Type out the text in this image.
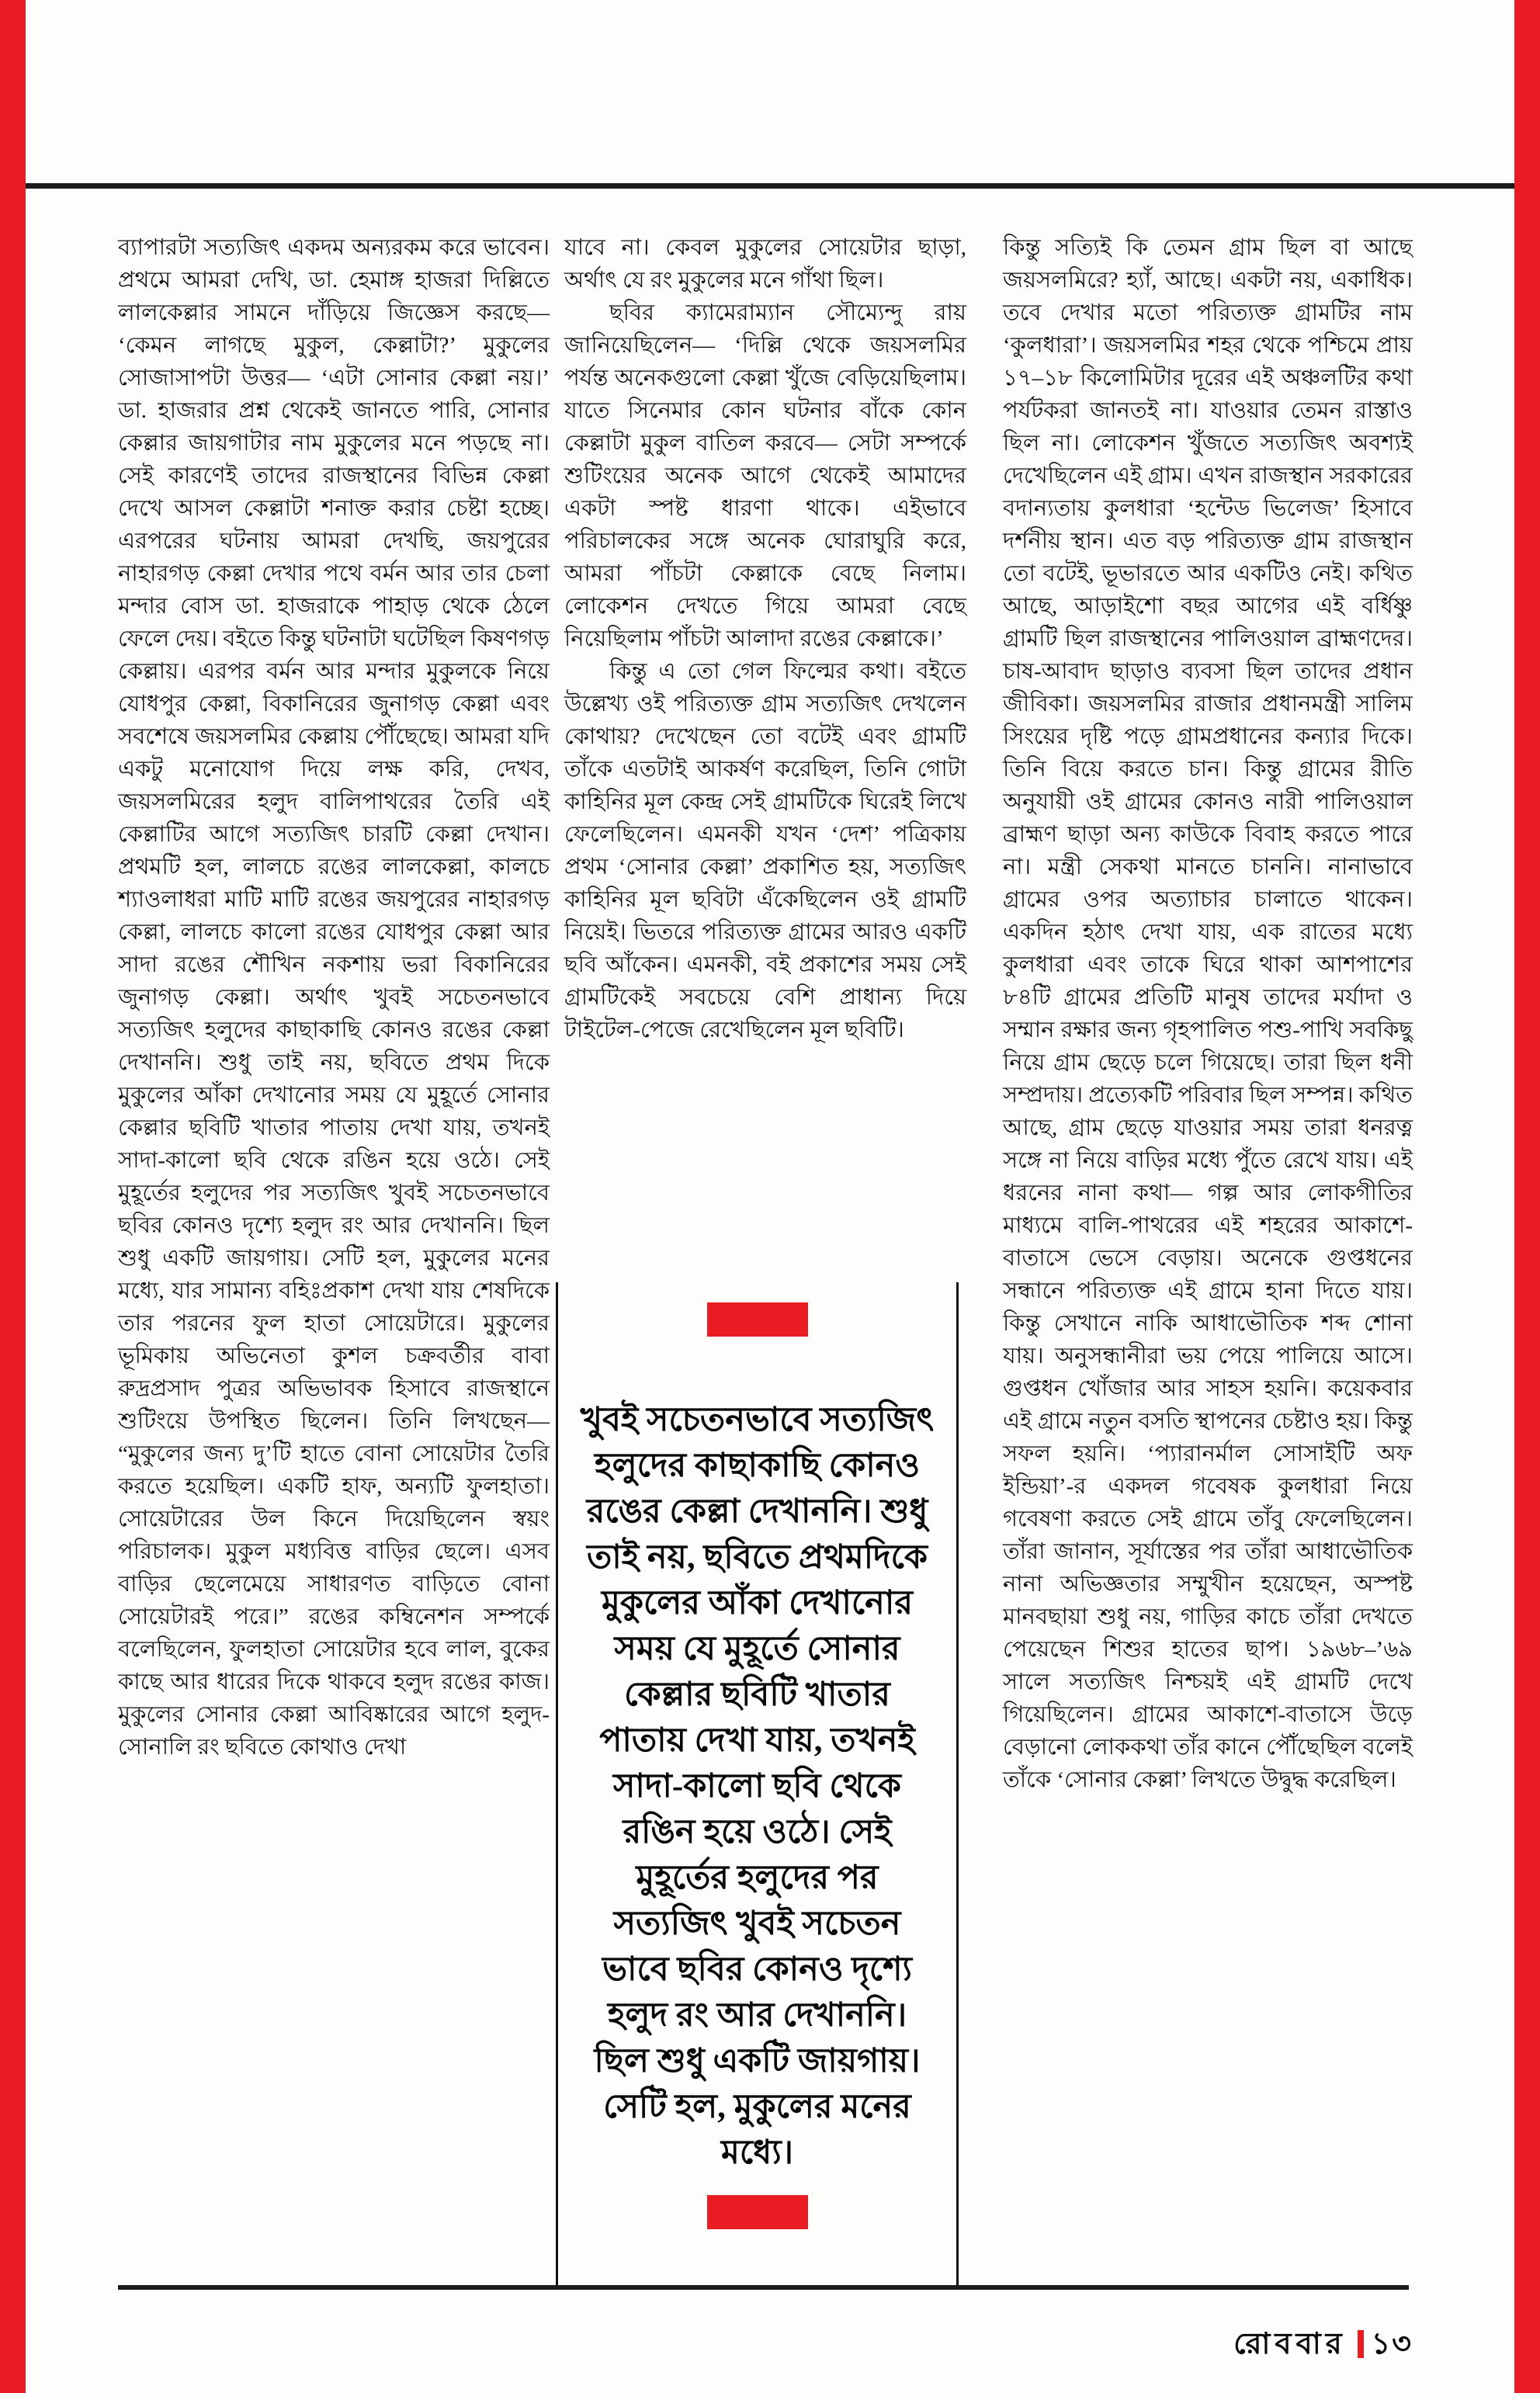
ব্যাপারটা সত্যজিৎ একদম অন্যরকম করে ভাবেন। প্রথমে আমরা দেখি, ডা. হেমাঙ্গ হাজরা দিল্লিতে লালকেল্লার সামনে দাঁড়িয়ে জিজ্ঞেস করছে— ‘কেমন লাগছে মুকুল, কেল্লাটা?’ মুকুলের সোজাসাপটা উত্তর— ‘এটা সোনার কেল্লা নয়।’ ডা. হাজরার প্রশ্ন থেকেই জানতে পারি, সোনার কেল্লার জায়গাটার নাম মুকুলের মনে পড়ছে না। সেই কারণেই তাদের রাজস্থানের বিভিন্ন কেল্লা দেখে আসল কেল্লাটা শনাক্ত করার চেষ্টা হচ্ছে। এরপরের ঘটনায় আমরা দেখছি, জয়পুরের নাহারগড় কেল্লা দেখার পথে বর্মন আর তার চেলা মন্দার বোস ডা. হাজরাকে পাহাড় থেকে ঠেলে ফেলে দেয়। বইতে কিন্তু ঘটনাটা ঘটেছিল কিষণগড় কেল্লায়। এরপর বর্মন আর মন্দার মুকুলকে নিয়ে যোধপুর কেল্লা, বিকানিরের জুনাগড় কেল্লা এবং সবশেষে জয়সলমির কেল্লায় পৌঁছেছে। আমরা যদি একটু মনোযোগ দিয়ে লক্ষ করি, দেখব, জয়সলমিরের হলুদ বালিপাথরের তৈরি এই কেল্লাটির আগে সত্যজিৎ চারটি কেল্লা দেখান। প্রথমটি হল, লালচে রঙের লালকেল্লা, কালচে শ্যাওলাধরা মাটি মাটি রঙের জয়পুরের নাহারগড় কেল্লা, লালচে কালো রঙের যোধপুর কেল্লা আর সাদা রঙের শৌখিন নকশায় ভরা বিকানিরের জুনাগড় কেল্লা। অর্থাৎ খুবই সচেতনভাবে সত্যজিৎ হলুদের কাছাকাছি কোনও রঙের কেল্লা দেখাননি। শুধু তাই নয়, ছবিতে প্রথম দিকে মুকুলের আঁকা দেখানোর সময় যে মুহূর্তে সোনার কেল্লার ছবিটি খাতার পাতায় দেখা যায়, তখনই সাদা-কালো ছবি থেকে রঙিন হয়ে ওঠে। সেই মুহূর্তের হলুদের পর সত্যজিৎ খুবই সচেতনভাবে ছবির কোনও দৃশ্যে হলুদ রং আর দেখাননি। ছিল শুধু একটি জায়গায়। সেটি হল, মুকুলের মনের মধ্যে, যার সামান্য বহিঃপ্রকাশ দেখা যায় শেষদিকে তার পরনের ফুল হাতা সোয়েটারে। মুকুলের ভূমিকায় অভিনেতা কুশল চক্রবর্তীর বাবা রুদ্রপ্রসাদ পুত্রর অভিভাবক হিসাবে রাজস্থানে শুটিংয়ে উপস্থিত ছিলেন। তিনি লিখছেন— “মুকুলের জন্য দু’টি হাতে বোনা সোয়েটার তৈরি করতে হয়েছিল। একটি হাফ, অন্যটি ফুলহাতা। সোয়েটারের উল কিনে দিয়েছিলেন স্বয়ং পরিচালক। মুকুল মধ্যবিত্ত বাড়ির ছেলে। এসব বাড়ির ছেলেমেয়ে সাধারণত বাড়িতে বোনা সোয়েটারই পরে।” রঙের কম্বিনেশন সম্পর্কে বলেছিলেন, ফুলহাতা সোয়েটার হবে লাল, বুকের কাছে আর ধারের দিকে থাকবে হলুদ রঙের কাজ। মুকুলের সোনার কেল্লা আবিষ্কারের আগে হলুদ-সোনালি রং ছবিতে কোথাও দেখা

যাবে না। কেবল মুকুলের সোয়েটার ছাড়া, অর্থাৎ যে রং মুকুলের মনে গাঁথা ছিল।

ছবির ক্যামেরাম্যান সৌম্যেন্দু রায় জানিয়েছিলেন— ‘দিল্লি থেকে জয়সলমির পর্যন্ত অনেকগুলো কেল্লা খুঁজে বেড়িয়েছিলাম। যাতে সিনেমার কোন ঘটনার বাঁকে কোন কেল্লাটা মুকুল বাতিল করবে— সেটা সম্পর্কে শুটিংয়ের অনেক আগে থেকেই আমাদের একটা স্পষ্ট ধারণা থাকে। এইভাবে পরিচালকের সঙ্গে অনেক ঘোরাঘুরি করে, আমরা পাঁচটা কেল্লাকে বেছে নিলাম। লোকেশন দেখতে গিয়ে আমরা বেছে নিয়েছিলাম পাঁচটা আলাদা রঙের কেল্লাকে।’

কিন্তু এ তো গেল ফিল্মের কথা। বইতে উল্লেখ্য ওই পরিত্যক্ত গ্রাম সত্যজিৎ দেখলেন কোথায়? দেখেছেন তো বটেই এবং গ্রামটি তাঁকে এতটাই আকর্ষণ করেছিল, তিনি গোটা কাহিনির মূল কেন্দ্র সেই গ্রামটিকে ঘিরেই লিখে ফেলেছিলেন। এমনকী যখন ‘দেশ’ পত্রিকায় প্রথম ‘সোনার কেল্লা’ প্রকাশিত হয়, সত্যজিৎ কাহিনির মূল ছবিটা এঁকেছিলেন ওই গ্রামটি নিয়েই। ভিতরে পরিত্যক্ত গ্রামের আরও একটি ছবি আঁকেন। এমনকী, বই প্রকাশের সময় সেই গ্রামটিকেই সবচেয়ে বেশি প্রাধান্য দিয়ে টাইটেল-পেজে রেখেছিলেন মূল ছবিটি।

কিন্তু সত্যিই কি তেমন গ্রাম ছিল বা আছে জয়সলমিরে? হ্যাঁ, আছে। একটা নয়, একাধিক। তবে দেখার মতো পরিত্যক্ত গ্রামটির নাম ‘কুলধারা’। জয়সলমির শহর থেকে পশ্চিমে প্রায় ১৭–১৮ কিলোমিটার দূরের এই অঞ্চলটির কথা পর্যটকরা জানতই না। যাওয়ার তেমন রাস্তাও ছিল না। লোকেশন খুঁজতে সত্যজিৎ অবশ্যই দেখেছিলেন এই গ্রাম। এখন রাজস্থান সরকারের বদান্যতায় কুলধারা ‘হন্টেড ভিলেজ’ হিসাবে দর্শনীয় স্থান। এত বড় পরিত্যক্ত গ্রাম রাজস্থান তো বটেই, ভূভারতে আর একটিও নেই। কথিত আছে, আড়াইশো বছর আগের এই বর্ধিষ্ণু গ্রামটি ছিল রাজস্থানের পালিওয়াল ব্রাহ্মণদের। চাষ-আবাদ ছাড়াও ব্যবসা ছিল তাদের প্রধান জীবিকা। জয়সলমির রাজার প্রধানমন্ত্রী সালিম সিংয়ের দৃষ্টি পড়ে গ্রামপ্রধানের কন্যার দিকে। তিনি বিয়ে করতে চান। কিন্তু গ্রামের রীতি অনুযায়ী ওই গ্রামের কোনও নারী পালিওয়াল ব্রাহ্মণ ছাড়া অন্য কাউকে বিবাহ করতে পারে না। মন্ত্রী সেকথা মানতে চাননি। নানাভাবে গ্রামের ওপর অত্যাচার চালাতে থাকেন। একদিন হঠাৎ দেখা যায়, এক রাতের মধ্যে কুলধারা এবং তাকে ঘিরে থাকা আশপাশের ৮৪টি গ্রামের প্রতিটি মানুষ তাদের মর্যাদা ও সম্মান রক্ষার জন্য গৃহপালিত পশু-পাখি সবকিছু নিয়ে গ্রাম ছেড়ে চলে গিয়েছে। তারা ছিল ধনী সম্প্রদায়। প্রত্যেকটি পরিবার ছিল সম্পন্ন। কথিত আছে, গ্রাম ছেড়ে যাওয়ার সময় তারা ধনরত্ন সঙ্গে না নিয়ে বাড়ির মধ্যে পুঁতে রেখে যায়। এই ধরনের নানা কথা— গল্প আর লোকগীতির মাধ্যমে বালি-পাথরের এই শহরের আকাশে-বাতাসে ভেসে বেড়ায়। অনেকে গুপ্তধনের সন্ধানে পরিত্যক্ত এই গ্রামে হানা দিতে যায়। কিন্তু সেখানে নাকি আধাভৌতিক শব্দ শোনা যায়। অনুসন্ধানীরা ভয় পেয়ে পালিয়ে আসে। গুপ্তধন খোঁজার আর সাহস হয়নি। কয়েকবার এই গ্রামে নতুন বসতি স্থাপনের চেষ্টাও হয়। কিন্তু সফল হয়নি। ‘প্যারানর্মাল সোসাইটি অফ ইন্ডিয়া’-র একদল গবেষক কুলধারা নিয়ে গবেষণা করতে সেই গ্রামে তাঁবু ফেলেছিলেন। তাঁরা জানান, সূর্যাস্তের পর তাঁরা আধাভৌতিক নানা অভিজ্ঞতার সম্মুখীন হয়েছেন, অস্পষ্ট মানবছায়া শুধু নয়, গাড়ির কাচে তাঁরা দেখতে পেয়েছেন শিশুর হাতের ছাপ। ১৯৬৮–’৬৯ সালে সত্যজিৎ নিশ্চয়ই এই গ্রামটি দেখে গিয়েছিলেন। গ্রামের আকাশে-বাতাসে উড়ে বেড়ানো লোককথা তাঁর কানে পৌঁছেছিল বলেই তাঁকে ‘সোনার কেল্লা’ লিখতে উদ্বুদ্ধ করেছিল।

খুবই সচেতনভাবে সত্যজিৎ হলুদের কাছাকাছি কোনও রঙের কেল্লা দেখাননি। শুধু তাই নয়, ছবিতে প্রথমদিকে মুকুলের আঁকা দেখানোর সময় যে মুহূর্তে সোনার কেল্লার ছবিটি খাতার পাতায় দেখা যায়, তখনই সাদা-কালো ছবি থেকে রঙিন হয়ে ওঠে। সেই মুহূর্তের হলুদের পর সত্যজিৎ খুবই সচেতন ভাবে ছবির কোনও দৃশ্যে হলুদ রং আর দেখাননি। ছিল শুধু একটি জায়গায়। সেটি হল, মুকুলের মনের মধ্যে।
রোববার ১৩
